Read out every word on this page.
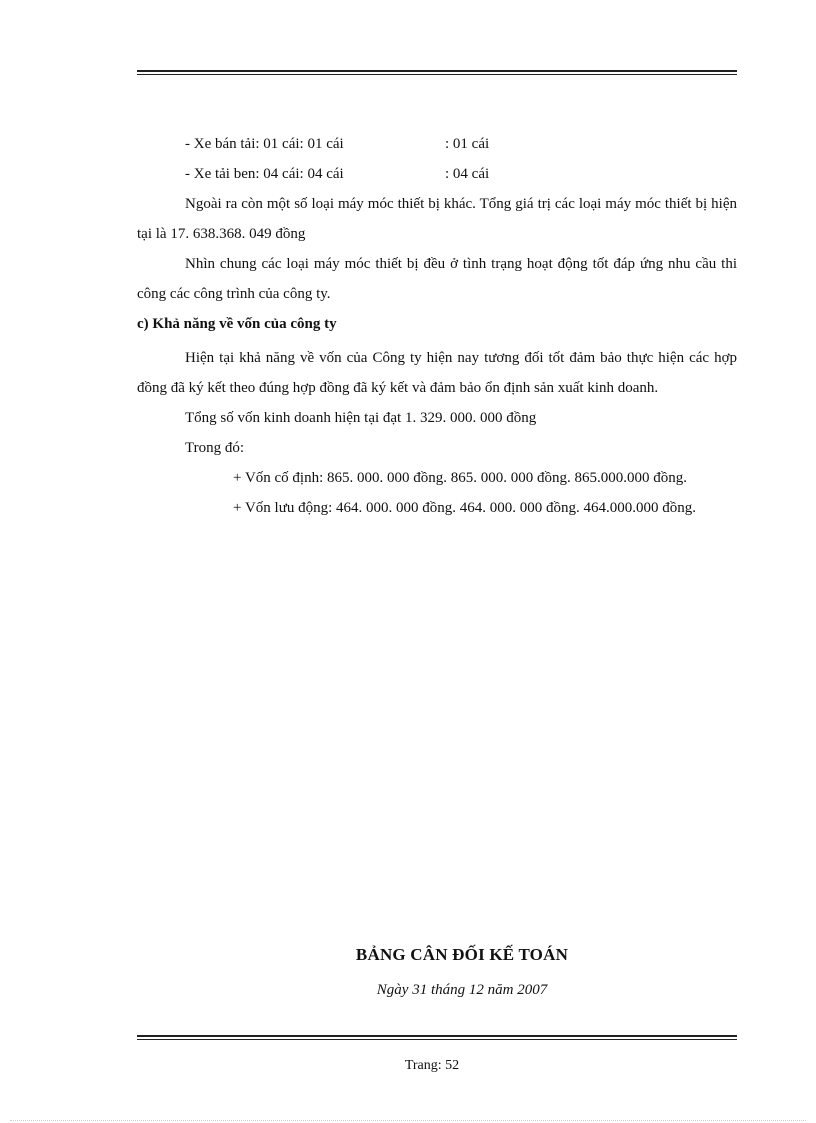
- Xe bán tải: 01 cái: 01 cái	: 01 cái
- Xe tải ben: 04 cái: 04 cái	: 04 cái

Ngoài ra còn một số loại máy móc thiết bị khác. Tổng giá trị các loại máy móc thiết bị hiện tại là 17. 638.368. 049 đồng

Nhìn chung các loại máy móc thiết bị đều ở tình trạng hoạt động tốt đáp ứng nhu cầu thi công các công trình của công ty.

c) Khả năng về vốn của công ty

Hiện tại khả năng về vốn của Công ty hiện nay tương đối tốt đảm bảo thực hiện các hợp đồng đã ký kết theo đúng hợp đồng đã ký kết và đảm bảo ổn định sản xuất kinh doanh.

Tổng số vốn kinh doanh hiện tại đạt 1. 329. 000. 000 đồng
Trong đó:

+ Vốn cố định: 865. 000. 000 đồng. 865. 000. 000 đồng. 865.000.000 đồng.

+ Vốn lưu động: 464. 000. 000 đồng. 464. 000. 000 đồng. 464.000.000 đồng.

BẢNG CÂN ĐỐI KẾ TOÁN
Ngày 31 tháng 12 năm 2007
Trang: 52
